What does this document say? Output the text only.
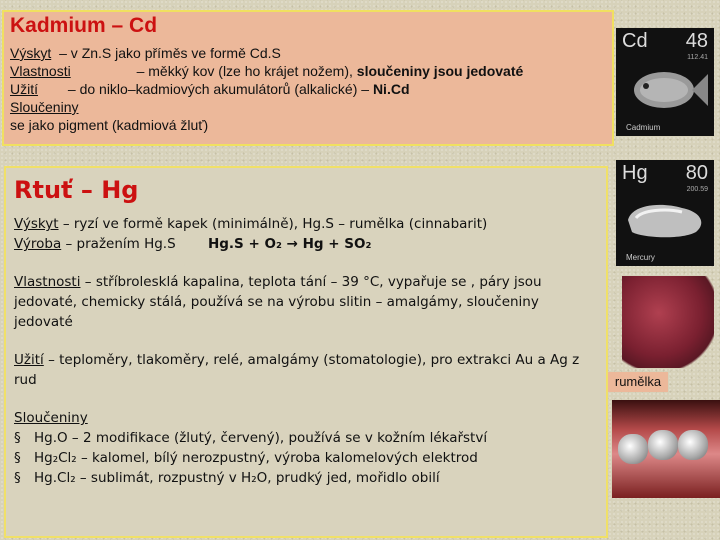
Kadmium – Cd
Výskyt – v Zn.S jako příměs ve formě Cd.S
Vlastnosti	– měkký kov (lze ho krájet nožem), sloučeniny jsou jedovaté
Užití – do niklo–kadmiových akumulátorů (alkalické) – Ni.Cd
Sloučeniny
se jako pigment (kadmiová žluť)
Cd 48
112.41
Cadmium
Rtuť – Hg
Výskyt – ryzí ve formě kapek (minimálně), Hg.S – rumělka (cinnabarit)
Výroba – pražením Hg.S Hg.S + O₂ → Hg + SO₂
Vlastnosti – stříbrolesklá kapalina, teplota tání – 39 °C, vypařuje se , páry jsou jedovaté, chemicky stálá, používá se na výrobu slitin – amalgámy, sloučeniny jedovaté
Užití – teploměry, tlakoměry, relé, amalgámy (stomatologie), pro extrakci Au a Ag z rud
Sloučeniny
§ Hg.O – 2 modifikace (žlutý, červený), používá se v kožním lékařství
§ Hg₂Cl₂ – kalomel, bílý nerozpustný, výroba kalomelových elektrod
§ Hg.Cl₂ – sublimát, rozpustný v H₂O, prudký jed, mořidlo obilí
Hg 80
200.59
Mercury
rumělka
